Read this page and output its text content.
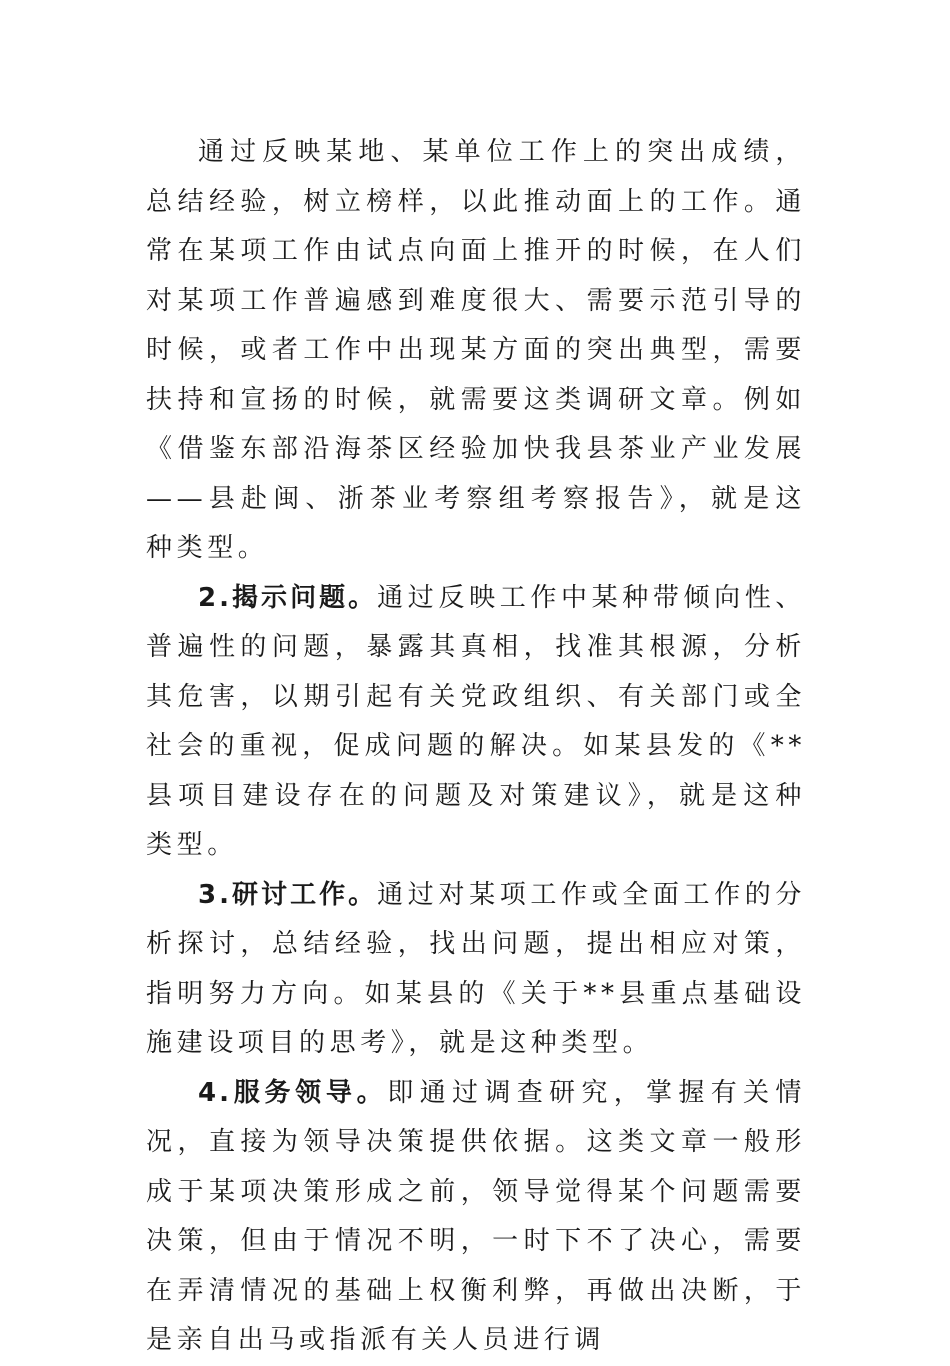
通过反映某地、某单位工作上的突出成绩，总结经验，树立榜样，以此推动面上的工作。通常在某项工作由试点向面上推开的时候，在人们对某项工作普遍感到难度很大、需要示范引导的时候，或者工作中出现某方面的突出典型，需要扶持和宣扬的时候，就需要这类调研文章。例如《借鉴东部沿海茶区经验加快我县茶业产业发展——县赴闽、浙茶业考察组考察报告》，就是这种类型。

2.揭示问题。通过反映工作中某种带倾向性、普遍性的问题，暴露其真相，找准其根源，分析其危害，以期引起有关党政组织、有关部门或全社会的重视，促成问题的解决。如某县发的《**县项目建设存在的问题及对策建议》，就是这种类型。

3.研讨工作。通过对某项工作或全面工作的分析探讨，总结经验，找出问题，提出相应对策，指明努力方向。如某县的《关于**县重点基础设施建设项目的思考》，就是这种类型。

4.服务领导。即通过调查研究，掌握有关情况，直接为领导决策提供依据。这类文章一般形成于某项决策形成之前，领导觉得某个问题需要决策，但由于情况不明，一时下不了决心，需要在弄清情况的基础上权衡利弊，再做出决断，于是亲自出马或指派有关人员进行调
